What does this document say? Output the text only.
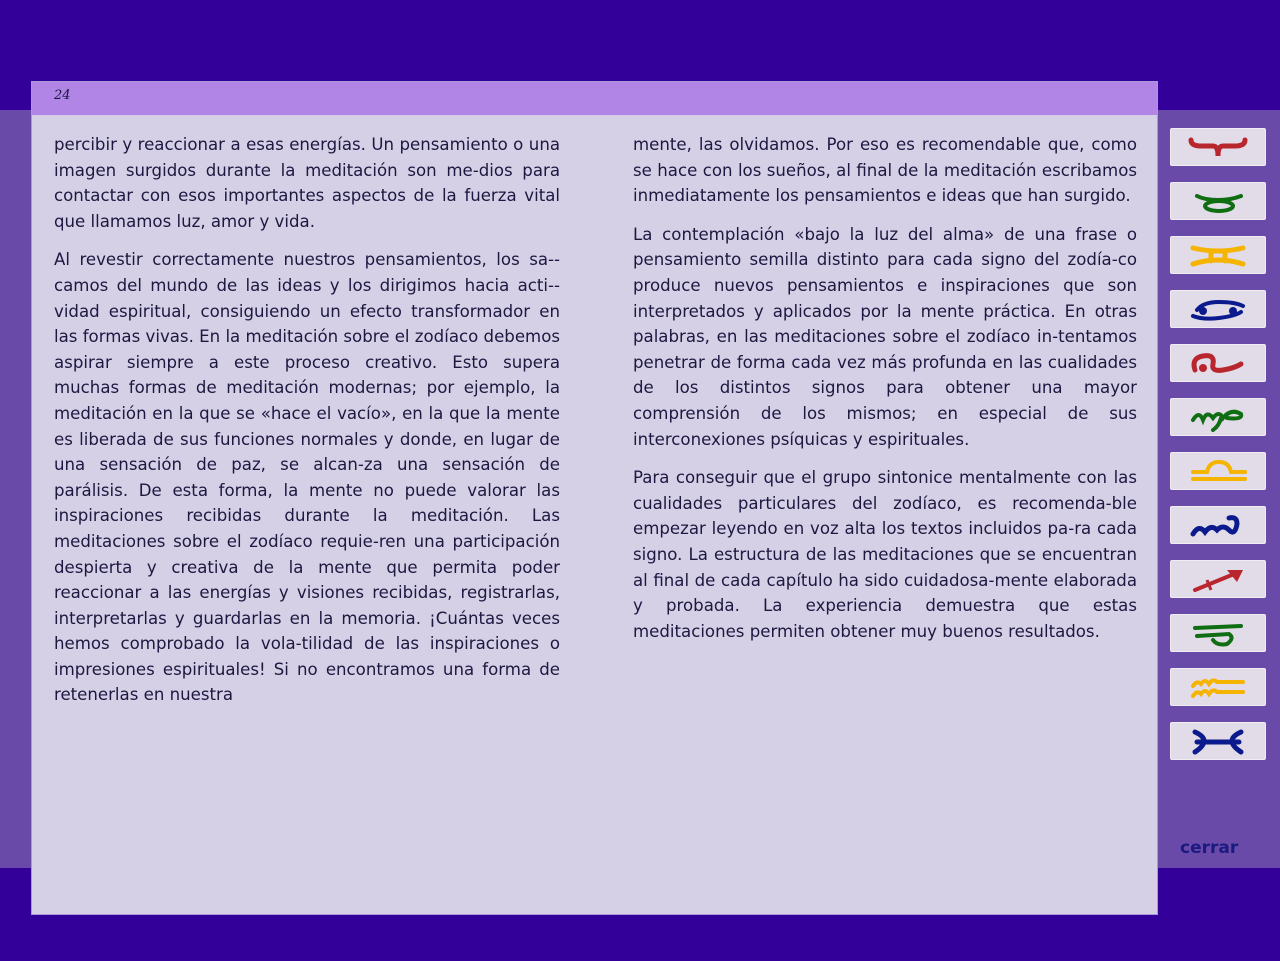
24

percibir y reaccionar a esas energías. Un pensamiento o una imagen surgidos durante la meditación son me-dios para contactar con esos importantes aspectos de la fuerza vital que llamamos luz, amor y vida.

Al revestir correctamente nuestros pensamientos, los sa-camos del mundo de las ideas y los dirigimos hacia acti-vidad espiritual, consiguiendo un efecto transformador en las formas vivas. En la meditación sobre el zodíaco debemos aspirar siempre a este proceso creativo. Esto supera muchas formas de meditación modernas; por ejemplo, la meditación en la que se «hace el vacío», en la que la mente es liberada de sus funciones normales y donde, en lugar de una sensación de paz, se alcan-za una sensación de parálisis. De esta forma, la mente no puede valorar las inspiraciones recibidas durante la meditación. Las meditaciones sobre el zodíaco requie-ren una participación despierta y creativa de la mente que permita poder reaccionar a las energías y visiones recibidas, registrarlas, interpretarlas y guardarlas en la memoria. ¡Cuántas veces hemos comprobado la vola-tilidad de las inspiraciones o impresiones espirituales! Si no encontramos una forma de retenerlas en nuestra

mente, las olvidamos. Por eso es recomendable que, como se hace con los sueños, al final de la meditación escribamos inmediatamente los pensamientos e ideas que han surgido.

La contemplación «bajo la luz del alma» de una frase o pensamiento semilla distinto para cada signo del zodía-co produce nuevos pensamientos e inspiraciones que son interpretados y aplicados por la mente práctica. En otras palabras, en las meditaciones sobre el zodíaco in-tentamos penetrar de forma cada vez más profunda en las cualidades de los distintos signos para obtener una mayor comprensión de los mismos; en especial de sus interconexiones psíquicas y espirituales.

Para conseguir que el grupo sintonice mentalmente con las cualidades particulares del zodíaco, es recomenda-ble empezar leyendo en voz alta los textos incluidos pa-ra cada signo. La estructura de las meditaciones que se encuentran al final de cada capítulo ha sido cuidadosa-mente elaborada y probada. La experiencia demuestra que estas meditaciones permiten obtener muy buenos resultados.

cerrar
